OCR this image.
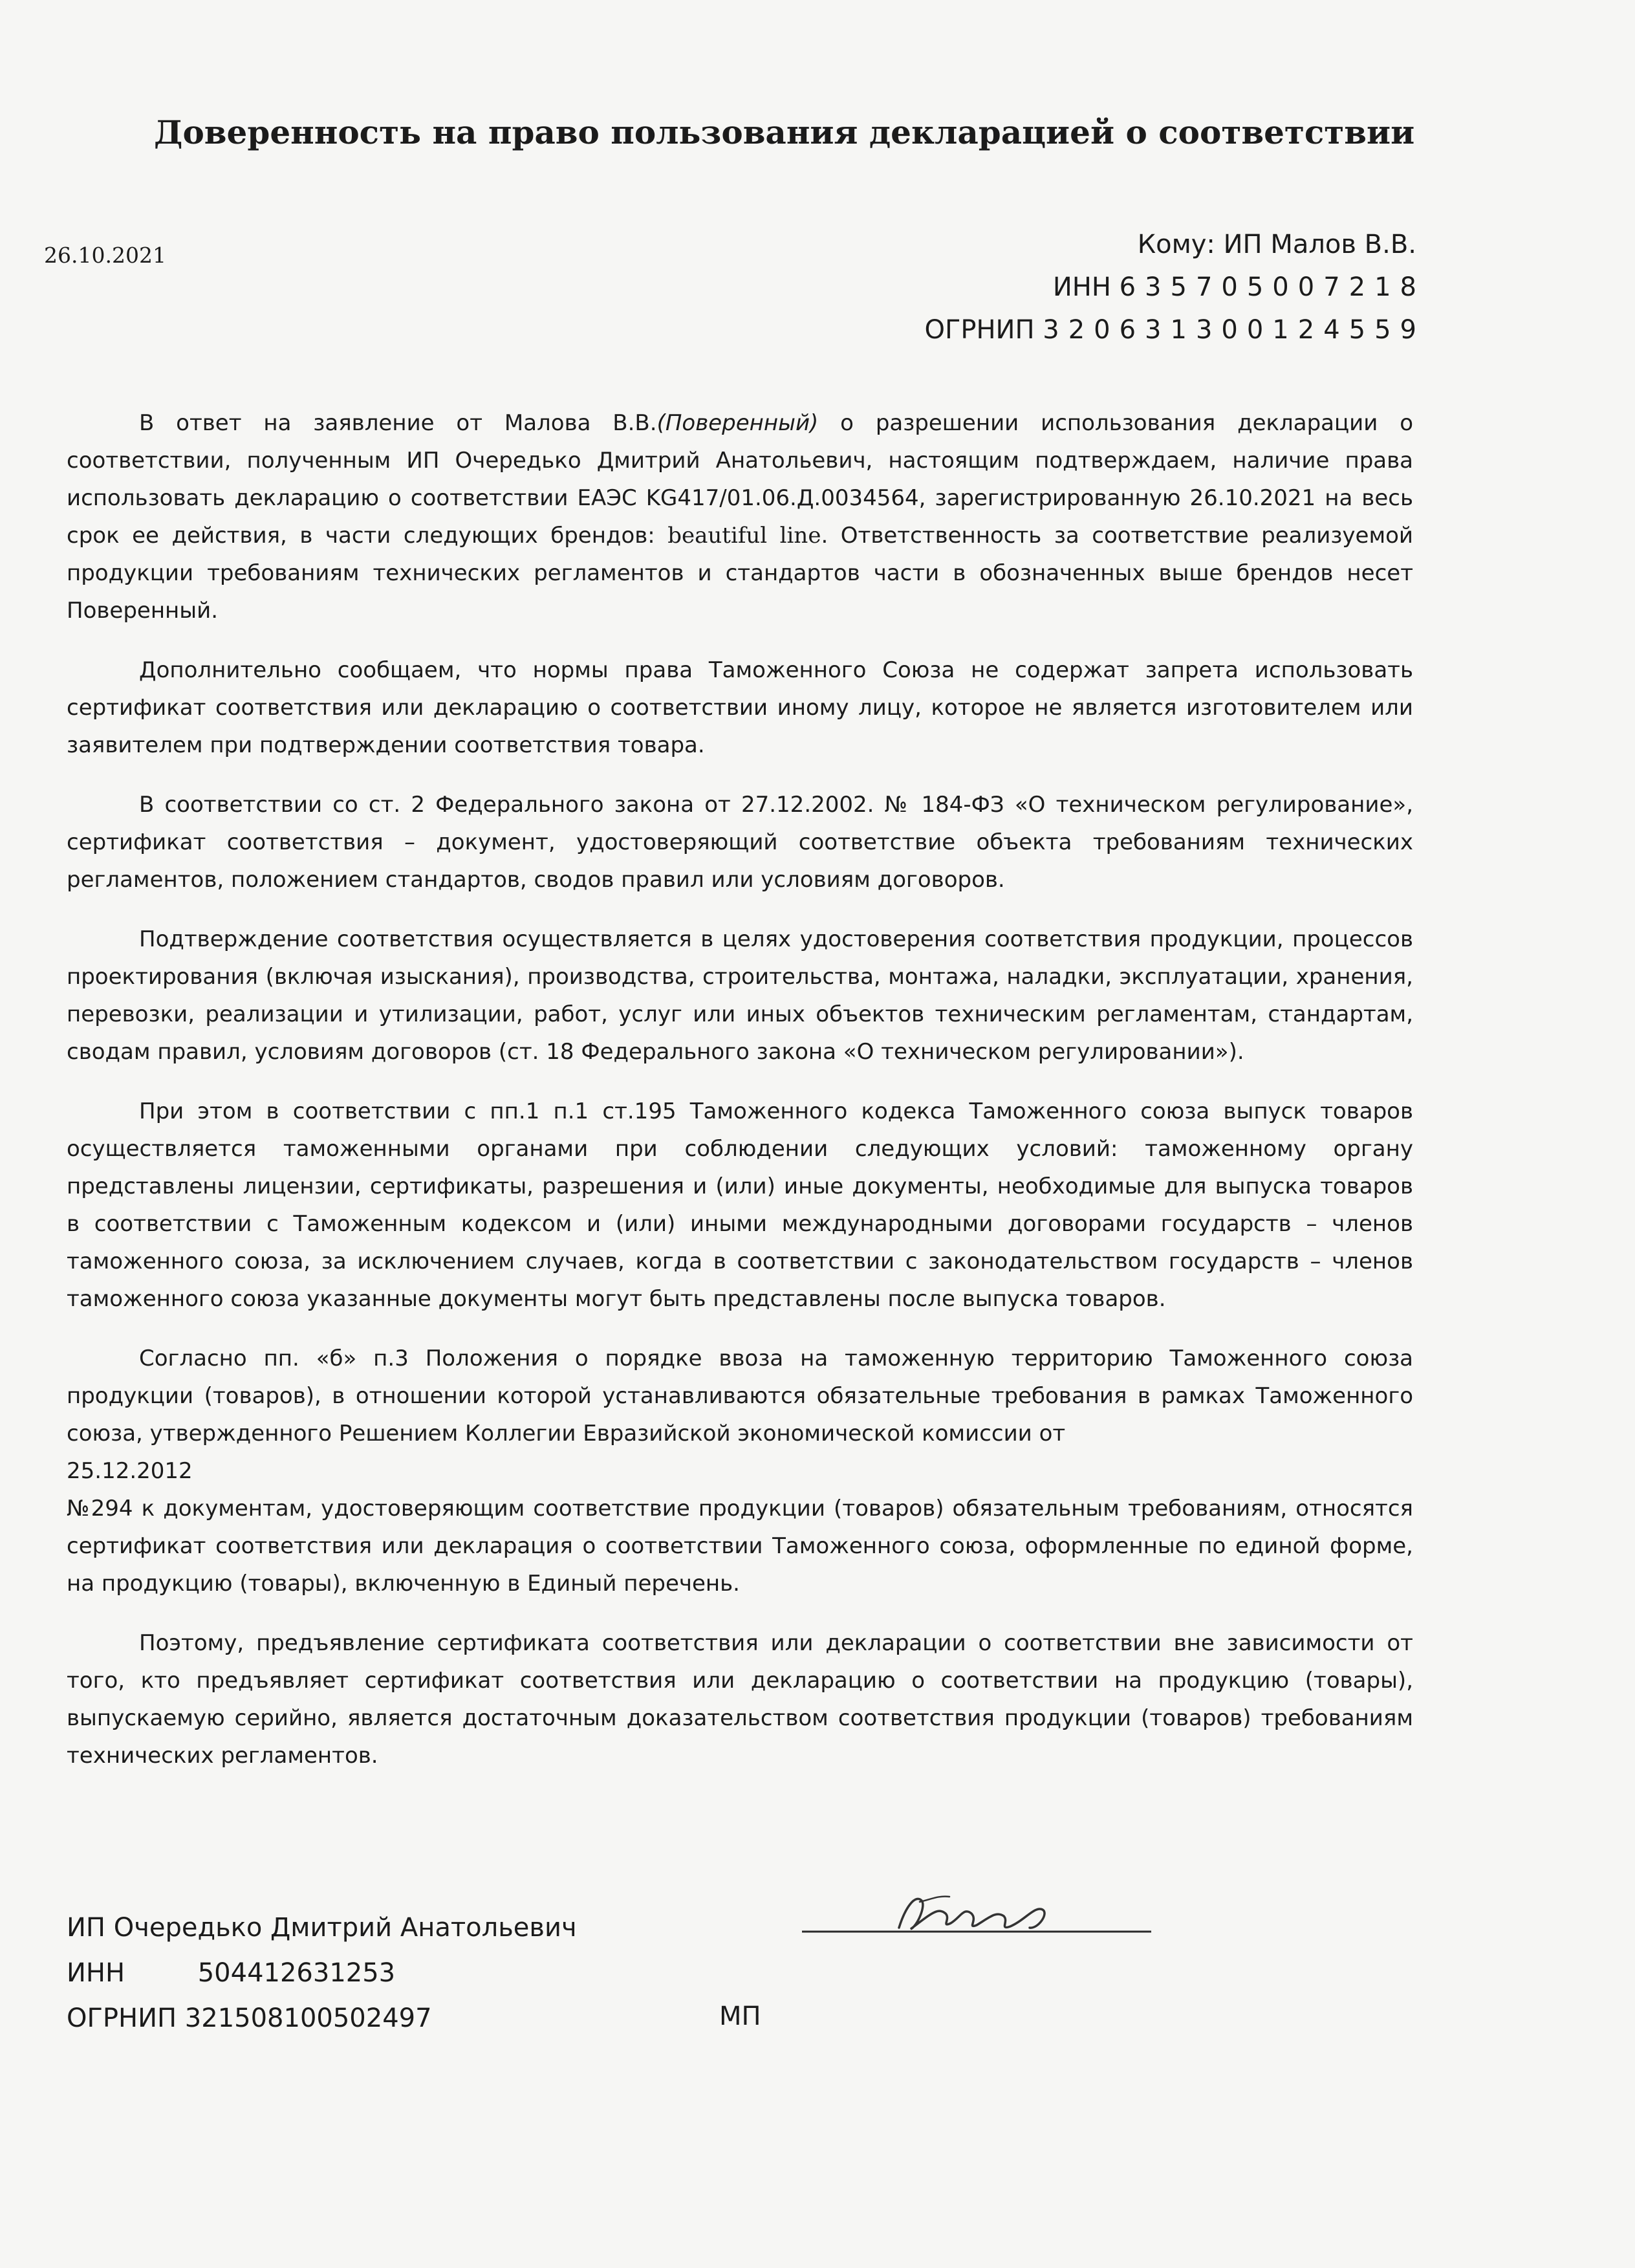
Доверенность на право пользования декларацией о соответствии
26.10.2021	Кому: ИП Малов В.В.
ИНН 635705007218
ОГРНИП 320631300124559

В ответ на заявление от Малова В.В.(Поверенный) о разрешении использования декларации о соответствии, полученным ИП Очередько Дмитрий Анатольевич, настоящим подтверждаем, наличие права использовать декларацию о соответствии ЕАЭС KG417/01.06.Д.0034564, зарегистрированную 26.10.2021 на весь срок ее действия, в части следующих брендов: beautiful line. Ответственность за соответствие реализуемой продукции требованиям технических регламентов и стандартов части в обозначенных выше брендов несет Поверенный.

Дополнительно сообщаем, что нормы права Таможенного Союза не содержат запрета использовать сертификат соответствия или декларацию о соответствии иному лицу, которое не является изготовителем или заявителем при подтверждении соответствия товара.

В соответствии со ст. 2 Федерального закона от 27.12.2002. № 184-ФЗ «О техническом регулирование», сертификат соответствия – документ, удостоверяющий соответствие объекта требованиям технических регламентов, положением стандартов, сводов правил или условиям договоров.

Подтверждение соответствия осуществляется в целях удостоверения соответствия продукции, процессов проектирования (включая изыскания), производства, строительства, монтажа, наладки, эксплуатации, хранения, перевозки, реализации и утилизации, работ, услуг или иных объектов техническим регламентам, стандартам, сводам правил, условиям договоров (ст. 18 Федерального закона «О техническом регулировании»).

При этом в соответствии с пп.1 п.1 ст.195 Таможенного кодекса Таможенного союза выпуск товаров осуществляется таможенными органами при соблюдении следующих условий: таможенному органу представлены лицензии, сертификаты, разрешения и (или) иные документы, необходимые для выпуска товаров в соответствии с Таможенным кодексом и (или) иными международными договорами государств – членов таможенного союза, за исключением случаев, когда в соответствии с законодательством государств – членов таможенного союза указанные документы могут быть представлены после выпуска товаров.

Согласно пп. «б» п.3 Положения о порядке ввоза на таможенную территорию Таможенного союза продукции (товаров), в отношении которой устанавливаются обязательные требования в рамках Таможенного союза, утвержденного Решением Коллегии Евразийской экономической комиссии от

25.12.2012

№294 к документам, удостоверяющим соответствие продукции (товаров) обязательным требованиям, относятся сертификат соответствия или декларация о соответствии Таможенного союза, оформленные по единой форме, на продукцию (товары), включенную в Единый перечень.

Поэтому, предъявление сертификата соответствия или декларации о соответствии вне зависимости от того, кто предъявляет сертификат соответствия или декларацию о соответствии на продукцию (товары), выпускаемую серийно, является достаточным доказательством соответствия продукции (товаров) требованиям технических регламентов.

ИП Очередько Дмитрий Анатольевич
ИНН	504412631253
ОГРНИП 321508100502497	МП
